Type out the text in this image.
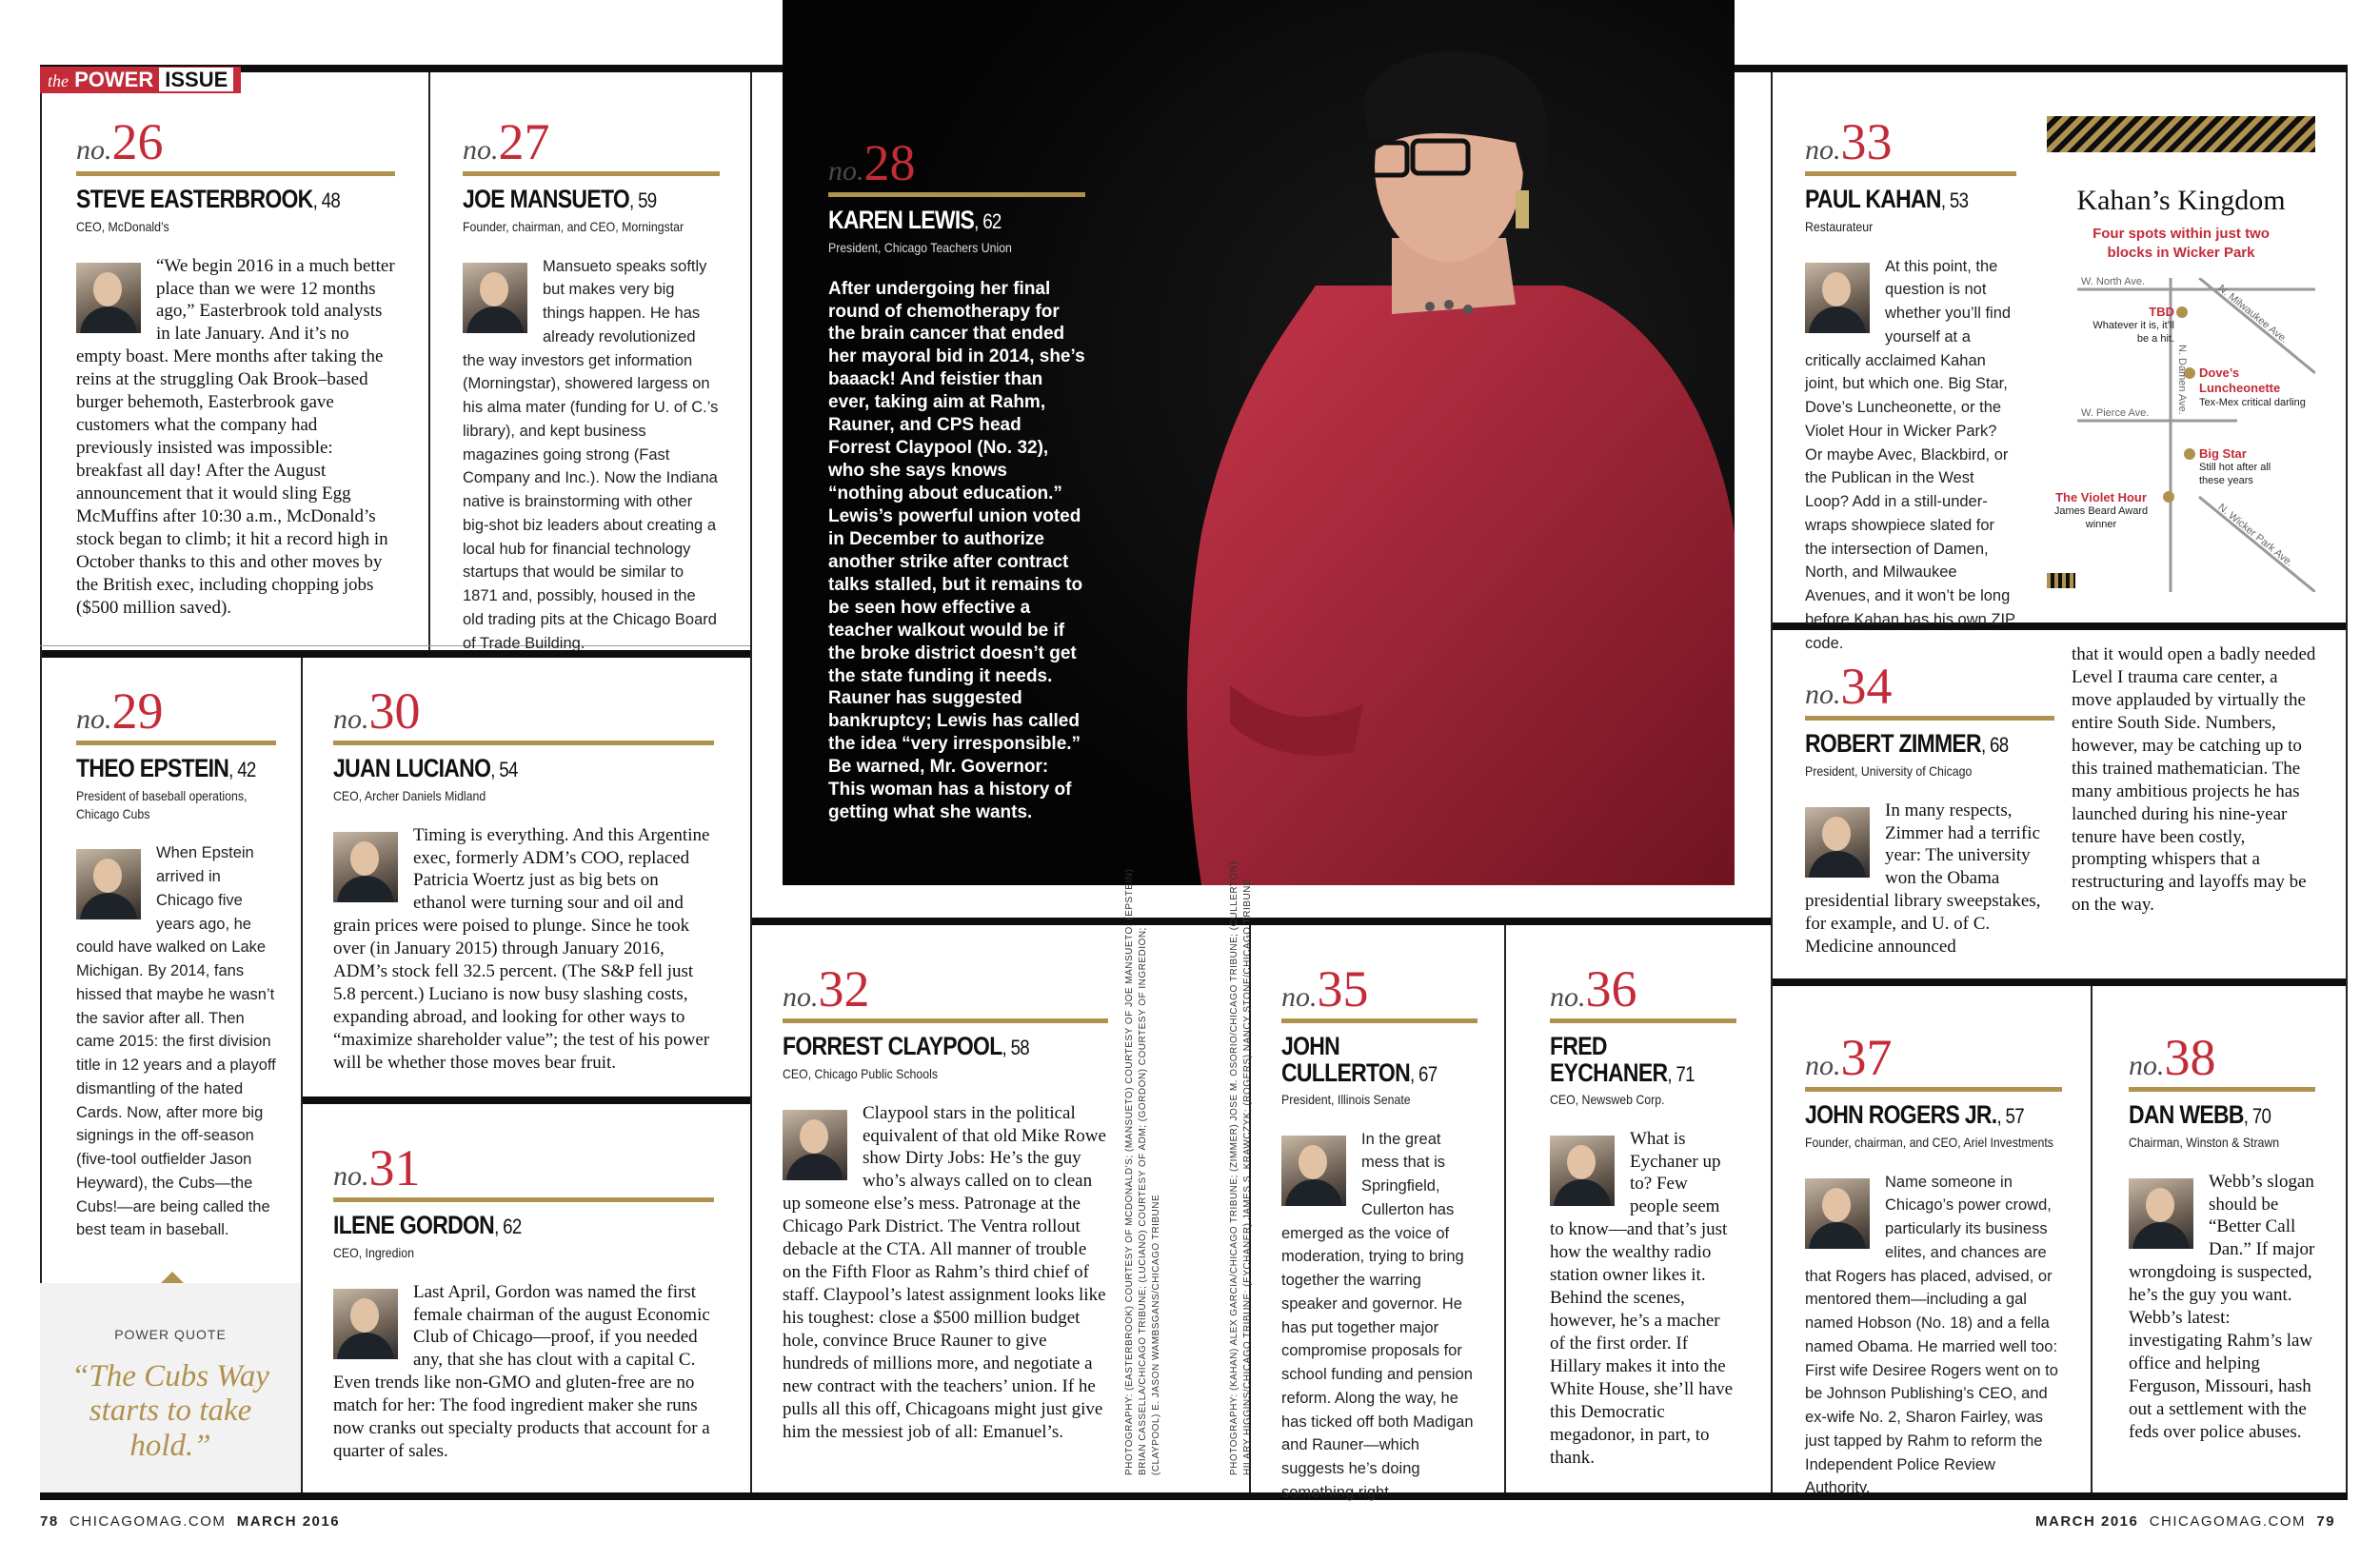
the POWER ISSUE
no.26
STEVE EASTERBROOK, 48
CEO, McDonald’s
“We begin 2016 in a much better place than we were 12 months ago,” Easterbrook told analysts in late January. And it’s no empty boast. Mere months after taking the reins at the struggling Oak Brook–based burger behemoth, Easterbrook gave customers what the company had previously insisted was impossible: breakfast all day! After the August announcement that it would sling Egg McMuffins after 10:30 a.m., McDonald’s stock began to climb; it hit a record high in October thanks to this and other moves by the British exec, including chopping jobs ($500 million saved).
no.27
JOE MANSUETO, 59
Founder, chairman, and CEO, Morningstar
Mansueto speaks softly but makes very big things happen. He has already revolutionized the way investors get information (Morningstar), showered largess on his alma mater (funding for U. of C.’s library), and kept business magazines going strong (Fast Company and Inc.). Now the Indiana native is brainstorming with other big-shot biz leaders about creating a local hub for financial technology startups that would be similar to 1871 and, possibly, housed in the old trading pits at the Chicago Board of Trade Building.
no.28
KAREN LEWIS, 62
President, Chicago Teachers Union
After undergoing her final round of chemotherapy for the brain cancer that ended her mayoral bid in 2014, she’s baaack! And feistier than ever, taking aim at Rahm, Rauner, and CPS head Forrest Claypool (No. 32), who she says knows “nothing about education.” Lewis’s powerful union voted in December to authorize another strike after contract talks stalled, but it remains to be seen how effective a teacher walkout would be if the broke district doesn’t get the state funding it needs. Rauner has suggested bankruptcy; Lewis has called the idea “very irresponsible.” Be warned, Mr. Governor: This woman has a history of getting what she wants.
no.33
PAUL KAHAN, 53
Restaurateur
At this point, the question is not whether you’ll find yourself at a critically acclaimed Kahan joint, but which one. Big Star, Dove’s Luncheonette, or the Violet Hour in Wicker Park? Or maybe Avec, Blackbird, or the Publican in the West Loop? Add in a still-under-wraps showpiece slated for the intersection of Damen, North, and Milwaukee Avenues, and it won’t be long before Kahan has his own ZIP code.
Kahan’s Kingdom
Four spots within just two blocks in Wicker Park
W. North Ave.
W. Pierce Ave.	N. Damen Ave.
N. Milwaukee Ave.
N. Wicker Park Ave.
TBD
Whatever it is, it’ll be a hit.
Dove’s Luncheonette
Tex-Mex critical darling
Big Star
Still hot after all these years
The Violet Hour
James Beard Award winner
no.29
THEO EPSTEIN, 42
President of baseball operations, Chicago Cubs
When Epstein arrived in Chicago five years ago, he could have walked on Lake Michigan. By 2014, fans hissed that maybe he wasn’t the savior after all. Then came 2015: the first division title in 12 years and a playoff dismantling of the hated Cards. Now, after more big signings in the off-season (five-tool outfielder Jason Heyward), the Cubs—the Cubs!—are being called the best team in baseball.
POWER QUOTE
“The Cubs Way starts to take hold.”
no.30
JUAN LUCIANO, 54
CEO, Archer Daniels Midland
Timing is everything. And this Argentine exec, formerly ADM’s COO, replaced Patricia Woertz just as big bets on ethanol were turning sour and oil and grain prices were poised to plunge. Since he took over (in January 2015) through January 2016, ADM’s stock fell 32.5 percent. (The S&P fell just 5.8 percent.) Luciano is now busy slashing costs, expanding abroad, and looking for other ways to “maximize shareholder value”; the test of his power will be whether those moves bear fruit.
no.31
ILENE GORDON, 62
CEO, Ingredion
Last April, Gordon was named the first female chairman of the august Economic Club of Chicago—proof, if you needed any, that she has clout with a capital C. Even trends like non-GMO and gluten-free are no match for her: The food ingredient maker she runs now cranks out specialty products that account for a quarter of sales.
no.32
FORREST CLAYPOOL, 58
CEO, Chicago Public Schools
Claypool stars in the political equivalent of that old Mike Rowe show Dirty Jobs: He’s the guy who’s always called on to clean up someone else’s mess. Patronage at the Chicago Park District. The Ventra rollout debacle at the CTA. All manner of trouble on the Fifth Floor as Rahm’s third chief of staff. Claypool’s latest assignment looks like his toughest: close a $500 million budget hole, convince Bruce Rauner to give hundreds of millions more, and negotiate a new contract with the teachers’ union. If he pulls all this off, Chicagoans might just give him the messiest job of all: Emanuel’s.	PHOTOGRAPHY: (EASTERBROOK) COURTESY OF MCDONALD’S; (MANSUETO) COURTESY OF JOE MANSUETO; (EPSTEIN) BRIAN CASSELLA/CHICAGO TRIBUNE; (LUCIANO) COURTESY OF ADM; (GORDON) COURTESY OF INGREDION; (CLAYPOOL) E. JASON WAMBSGANS/CHICAGO TRIBUNE	PHOTOGRAPHY: (KAHAN) ALEX GARCIA/CHICAGO TRIBUNE; (ZIMMER) JOSE M. OSORIO/CHICAGO TRIBUNE; (CULLERTON) HILARY HIGGINS/CHICAGO TRIBUNE; (EYCHANER) JAMES S. KRAWCZYK; (ROGERS) NANCY STONE/CHICAGO TRIBUNE no.35
JOHN
CULLERTON, 67
President, Illinois Senate
In the great mess that is Springfield, Cullerton has emerged as the voice of moderation, trying to bring together the warring speaker and governor. He has put together major compromise proposals for school funding and pension reform. Along the way, he has ticked off both Madigan and Rauner—which suggests he’s doing something right.
no.36
FRED
EYCHANER, 71
CEO, Newsweb Corp.
What is Eychaner up to? Few people seem to know—and that’s just how the wealthy radio station owner likes it. Behind the scenes, however, he’s a macher of the first order. If Hillary makes it into the White House, she’ll have this Democratic megadonor, in part, to thank.
no.34
ROBERT ZIMMER, 68
President, University of Chicago
In many respects, Zimmer had a terrific year: The university won the Obama presidential library sweepstakes, for example, and U. of C. Medicine announced
that it would open a badly needed Level I trauma care center, a move applauded by virtually the entire South Side. Numbers, however, may be catching up to this trained mathematician. The many ambitious projects he has launched during his nine-year tenure have been costly, prompting whispers that a restructuring and layoffs may be on the way.
no.37
JOHN ROGERS JR., 57
Founder, chairman, and CEO, Ariel Investments
Name someone in Chicago’s power crowd, particularly its business elites, and chances are that Rogers has placed, advised, or mentored them—including a gal named Hobson (No. 18) and a fella named Obama. He married well too: First wife Desiree Rogers went on to be Johnson Publishing’s CEO, and ex-wife No. 2, Sharon Fairley, was just tapped by Rahm to reform the Independent Police Review Authority.
no.38
DAN WEBB, 70
Chairman, Winston & Strawn
Webb’s slogan should be “Better Call Dan.” If major wrongdoing is suspected, he’s the guy you want. Webb’s latest: investigating Rahm’s law office and helping Ferguson, Missouri, hash out a settlement with the feds over police abuses.
78 CHICAGOMAG.COM MARCH 2016	MARCH 2016 CHICAGOMAG.COM 79
